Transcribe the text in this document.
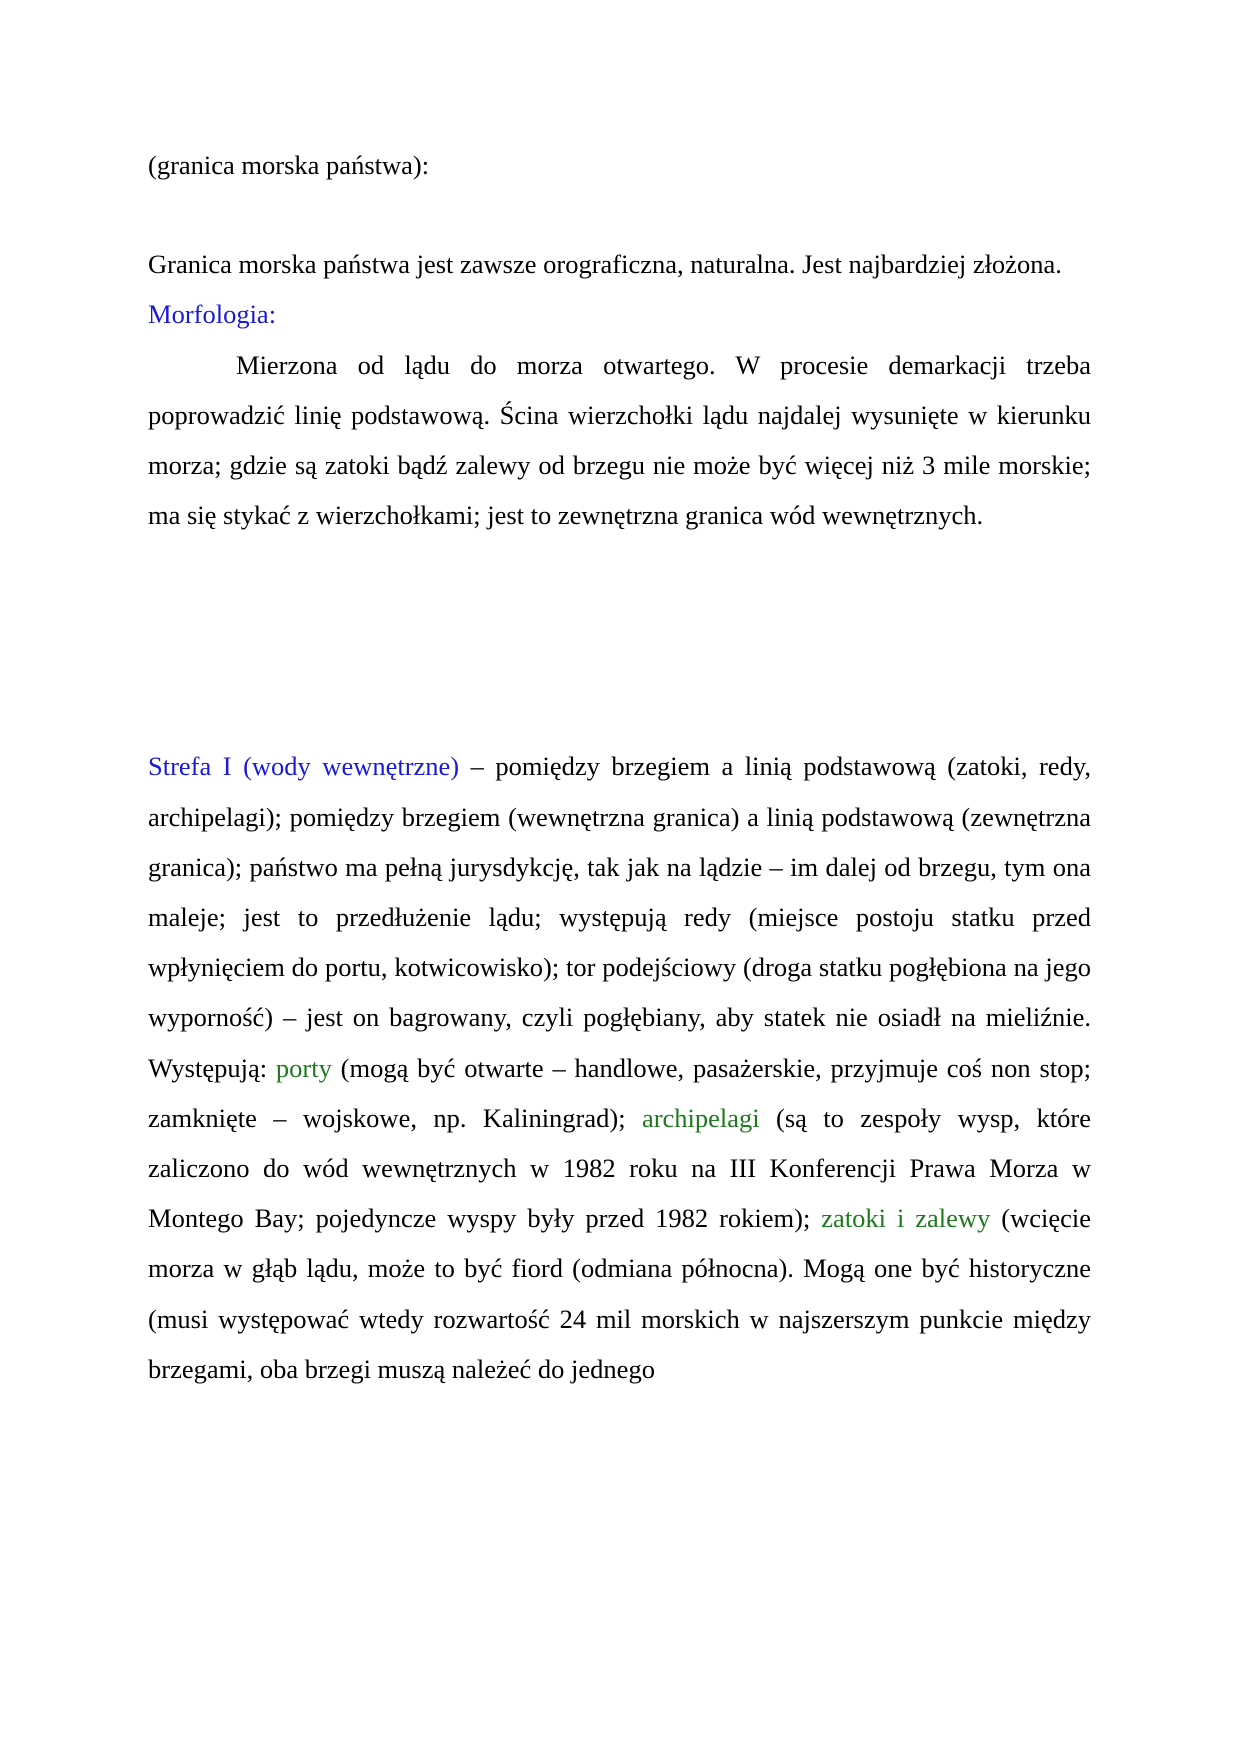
(granica morska państwa):

Granica morska państwa jest zawsze orograficzna, naturalna. Jest najbardziej złożona.

Morfologia:

Mierzona od lądu do morza otwartego. W procesie demarkacji trzeba poprowadzić linię podstawową. Ścina wierzchołki lądu najdalej wysunięte w kierunku morza; gdzie są zatoki bądź zalewy od brzegu nie może być więcej niż 3 mile morskie; ma się stykać z wierzchołkami; jest to zewnętrzna granica wód wewnętrznych.

Strefa I (wody wewnętrzne) – pomiędzy brzegiem a linią podstawową (zatoki, redy, archipelagi); pomiędzy brzegiem (wewnętrzna granica) a linią podstawową (zewnętrzna granica); państwo ma pełną jurysdykcję, tak jak na lądzie – im dalej od brzegu, tym ona maleje; jest to przedłużenie lądu; występują redy (miejsce postoju statku przed wpłynięciem do portu, kotwicowisko); tor podejściowy (droga statku pogłębiona na jego wyporność) – jest on bagrowany, czyli pogłębiany, aby statek nie osiadł na mieliźnie. Występują: porty (mogą być otwarte – handlowe, pasażerskie, przyjmuje coś non stop; zamknięte – wojskowe, np. Kaliningrad); archipelagi (są to zespoły wysp, które zaliczono do wód wewnętrznych w 1982 roku na III Konferencji Prawa Morza w Montego Bay; pojedyncze wyspy były przed 1982 rokiem); zatoki i zalewy (wcięcie morza w głąb lądu, może to być fiord (odmiana północna). Mogą one być historyczne (musi występować wtedy rozwartość 24 mil morskich w najszerszym punkcie między brzegami, oba brzegi muszą należeć do jednego
